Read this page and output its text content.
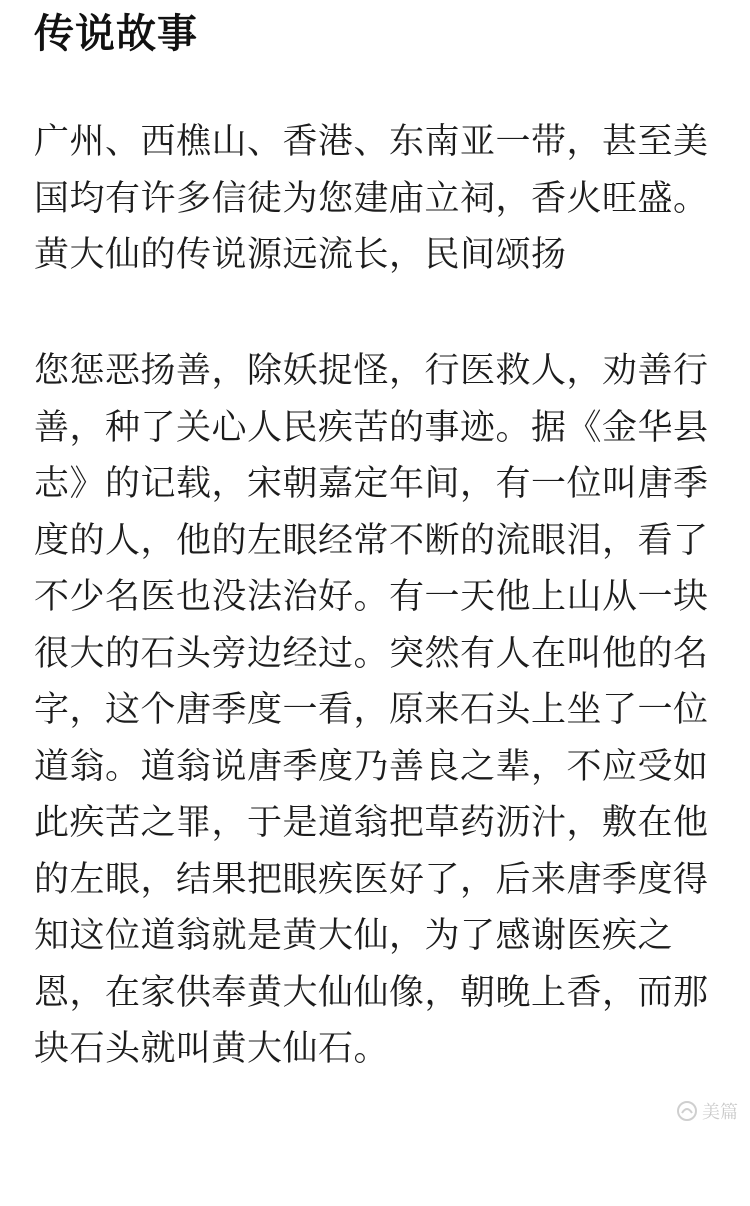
传说故事

广州、西樵山、香港、东南亚一带，甚至美国均有许多信徒为您建庙立祠，香火旺盛。黄大仙的传说源远流长，民间颂扬

您惩恶扬善，除妖捉怪，行医救人，劝善行善，种了关心人民疾苦的事迹。据《金华县志》的记载，宋朝嘉定年间，有一位叫唐季度的人，他的左眼经常不断的流眼泪，看了不少名医也没法治好。有一天他上山从一块很大的石头旁边经过。突然有人在叫他的名字，这个唐季度一看，原来石头上坐了一位道翁。道翁说唐季度乃善良之辈，不应受如此疾苦之罪，于是道翁把草药沥汁，敷在他的左眼，结果把眼疾医好了，后来唐季度得知这位道翁就是黄大仙，为了感谢医疾之恩，在家供奉黄大仙仙像，朝晚上香，而那块石头就叫黄大仙石。

美篇
